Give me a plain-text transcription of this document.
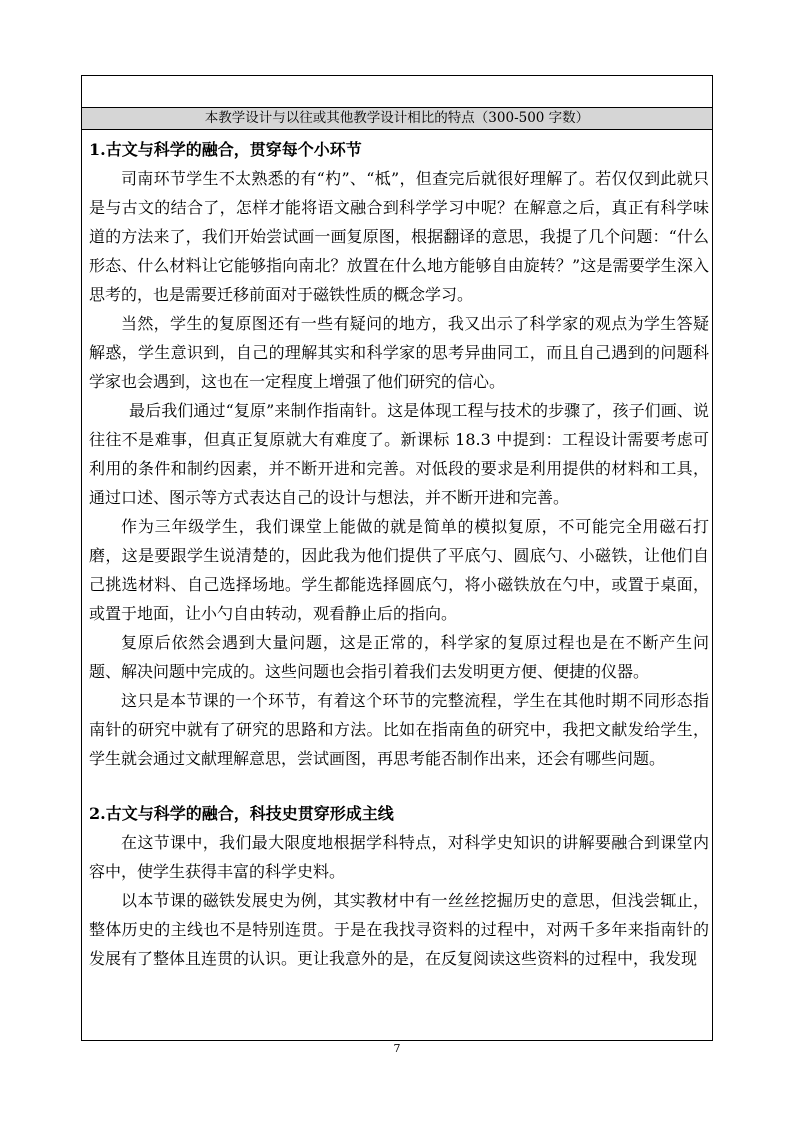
本教学设计与以往或其他教学设计相比的特点（300-500 字数）

1.古文与科学的融合，贯穿每个小环节

司南环节学生不太熟悉的有“杓”、“柢”，但查完后就很好理解了。若仅仅到此就只是与古文的结合了，怎样才能将语文融合到科学学习中呢？在解意之后，真正有科学味道的方法来了，我们开始尝试画一画复原图，根据翻译的意思，我提了几个问题：“什么形态、什么材料让它能够指向南北？放置在什么地方能够自由旋转？”这是需要学生深入思考的，也是需要迁移前面对于磁铁性质的概念学习。

当然，学生的复原图还有一些有疑问的地方，我又出示了科学家的观点为学生答疑解惑，学生意识到，自己的理解其实和科学家的思考异曲同工，而且自己遇到的问题科学家也会遇到，这也在一定程度上增强了他们研究的信心。

最后我们通过“复原”来制作指南针。这是体现工程与技术的步骤了，孩子们画、说往往不是难事，但真正复原就大有难度了。新课标 18.3 中提到：工程设计需要考虑可利用的条件和制约因素，并不断开进和完善。对低段的要求是利用提供的材料和工具，通过口述、图示等方式表达自己的设计与想法，并不断开进和完善。

作为三年级学生，我们课堂上能做的就是简单的模拟复原，不可能完全用磁石打磨，这是要跟学生说清楚的，因此我为他们提供了平底勺、圆底勺、小磁铁，让他们自己挑选材料、自己选择场地。学生都能选择圆底勺，将小磁铁放在勺中，或置于桌面，或置于地面，让小勺自由转动，观看静止后的指向。

复原后依然会遇到大量问题，这是正常的，科学家的复原过程也是在不断产生问题、解决问题中完成的。这些问题也会指引着我们去发明更方便、便捷的仪器。

这只是本节课的一个环节，有着这个环节的完整流程，学生在其他时期不同形态指南针的研究中就有了研究的思路和方法。比如在指南鱼的研究中，我把文献发给学生，学生就会通过文献理解意思，尝试画图，再思考能否制作出来，还会有哪些问题。

2.古文与科学的融合，科技史贯穿形成主线

在这节课中，我们最大限度地根据学科特点，对科学史知识的讲解要融合到课堂内容中，使学生获得丰富的科学史料。

以本节课的磁铁发展史为例，其实教材中有一丝丝挖掘历史的意思，但浅尝辄止，整体历史的主线也不是特别连贯。于是在我找寻资料的过程中，对两千多年来指南针的发展有了整体且连贯的认识。更让我意外的是，在反复阅读这些资料的过程中，我发现

7
